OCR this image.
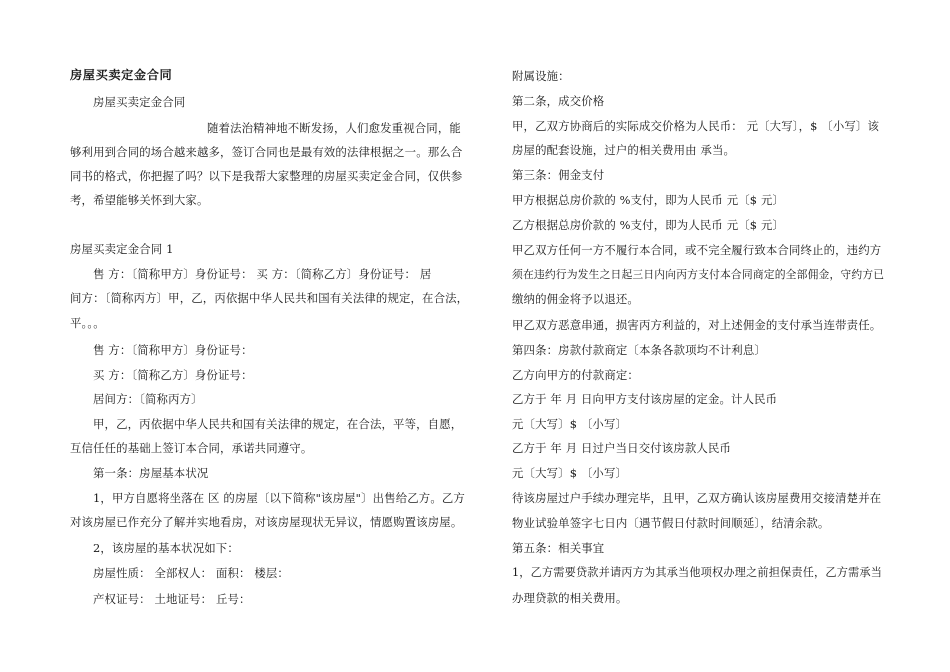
房屋买卖定金合同
房屋买卖定金合同
随着法治精神地不断发扬，人们愈发重视合同，能
够利用到合同的场合越来越多，签订合同也是最有效的法律根据之一。那么合
同书的格式，你把握了吗？以下是我帮大家整理的房屋买卖定金合同，仅供参
考，希望能够关怀到大家。
房屋买卖定金合同 1
售 方：〔简称甲方〕身份证号： 买 方：〔简称乙方〕身份证号： 居
间方：〔简称丙方〕甲，乙，丙依据中华人民共和国有关法律的规定，在合法，
平。。。
售 方：〔简称甲方〕身份证号：
买 方：〔简称乙方〕身份证号：
居间方：〔简称丙方〕
甲，乙，丙依据中华人民共和国有关法律的规定，在合法，平等，自愿，
互信任任的基础上签订本合同，承诺共同遵守。
第一条：房屋基本状况
1，甲方自愿将坐落在 区 的房屋〔以下简称"该房屋"〕出售给乙方。乙方
对该房屋已作充分了解并实地看房，对该房屋现状无异议，情愿购置该房屋。
2，该房屋的基本状况如下：
房屋性质： 全部权人： 面积： 楼层：
产权证号： 土地证号： 丘号：
附属设施：
第二条，成交价格
甲，乙双方协商后的实际成交价格为人民币： 元〔大写〕，$ 〔小写〕该
房屋的配套设施，过户的相关费用由 承当。
第三条：佣金支付
甲方根据总房价款的 %支付，即为人民币 元〔$ 元〕
乙方根据总房价款的 %支付，即为人民币 元〔$ 元〕
甲乙双方任何一方不履行本合同，或不完全履行致本合同终止的，违约方
须在违约行为发生之日起三日内向丙方支付本合同商定的全部佣金，守约方已
缴纳的佣金将予以退还。
甲乙双方恶意串通，损害丙方利益的，对上述佣金的支付承当连带责任。
第四条：房款付款商定〔本条各款项均不计利息〕
乙方向甲方的付款商定：
乙方于 年 月 日向甲方支付该房屋的定金。计人民币
元〔大写〕$ 〔小写〕
乙方于 年 月 日过户当日交付该房款人民币
元〔大写〕$ 〔小写〕
待该房屋过户手续办理完毕，且甲，乙双方确认该房屋费用交接清楚并在
物业试验单签字七日内〔遇节假日付款时间顺延〕，结清余款。
第五条：相关事宜
1，乙方需要贷款并请丙方为其承当他项权办理之前担保责任，乙方需承当
办理贷款的相关费用。
